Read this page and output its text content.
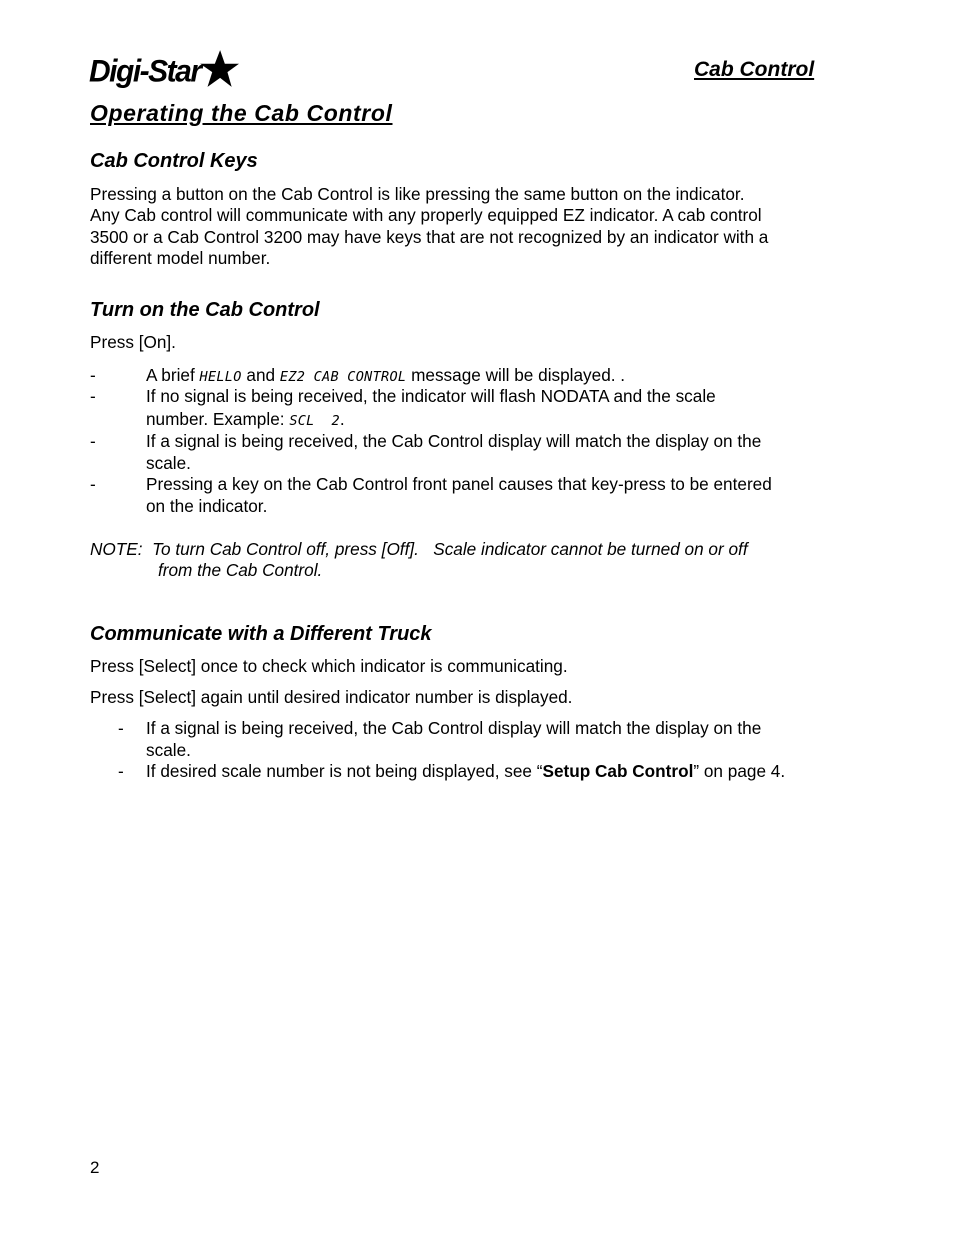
Digi-Star	Cab Control
Operating the Cab Control
Cab Control Keys

Pressing a button on the Cab Control is like pressing the same button on the indicator.

Any Cab control will communicate with any properly equipped EZ indicator. A cab control

3500 or a Cab Control 3200 may have keys that are not recognized by an indicator with a

different model number.

Turn on the Cab Control

Press [On].

-	A brief HELLO and EZ2 CAB CONTROL message will be displayed. .
-	If no signal is being received, the indicator will flash NODATA and the scale
number. Example: SCL  2.
-	If a signal is being received, the Cab Control display will match the display on the
scale.
-	Pressing a key on the Cab Control front panel causes that key-press to be entered
on the indicator.
NOTE:  To turn Cab Control off, press [Off].   Scale indicator cannot be turned on or off
from the Cab Control.
Communicate with a Different Truck

Press [Select] once to check which indicator is communicating.

Press [Select] again until desired indicator number is displayed.

- If a signal is being received, the Cab Control display will match the display on the
scale.
- If desired scale number is not being displayed, see “Setup Cab Control” on page 4.
2
